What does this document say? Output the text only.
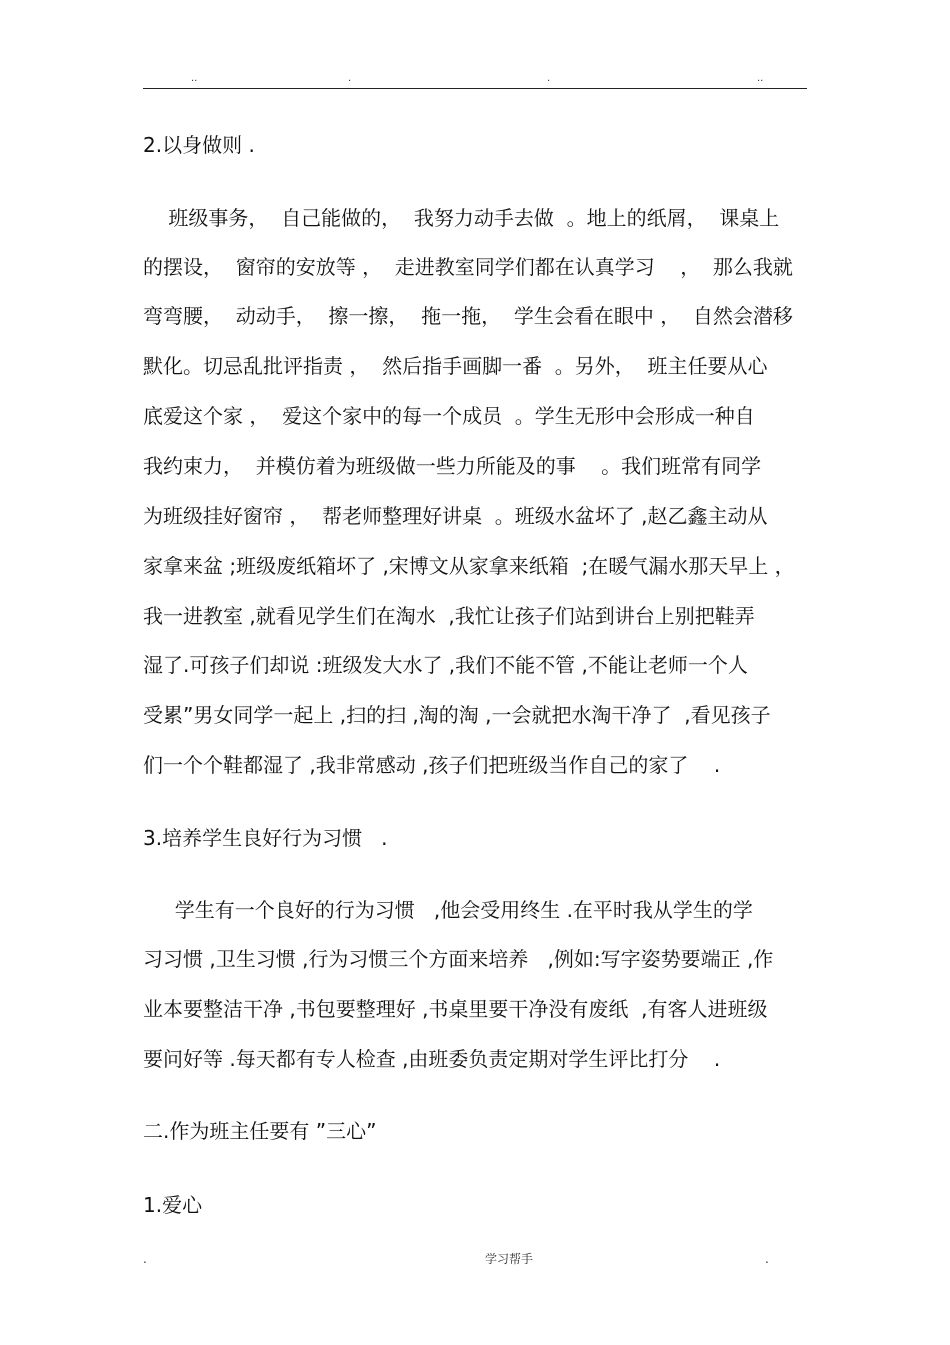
..	.	.	..
2.以身做则 .
班级事务，  自己能做的，  我努力动手去做  。地上的纸屑，  课桌上
的摆设，  窗帘的安放等 ，  走进教室同学们都在认真学习    ，  那么我就
弯弯腰，  动动手，  擦一擦，  拖一拖，  学生会看在眼中 ，  自然会潜移
默化。切忌乱批评指责 ，  然后指手画脚一番  。另外，  班主任要从心
底爱这个家 ，  爱这个家中的每一个成员  。学生无形中会形成一种自
我约束力，  并模仿着为班级做一些力所能及的事    。我们班常有同学
为班级挂好窗帘 ，  帮老师整理好讲桌  。班级水盆坏了 ,赵乙鑫主动从
家拿来盆 ;班级废纸箱坏了 ,宋博文从家拿来纸箱  ;在暖气漏水那天早上 ，
我一进教室 ,就看见学生们在淘水  ,我忙让孩子们站到讲台上别把鞋弄
湿了.可孩子们却说 :班级发大水了 ,我们不能不管 ,不能让老师一个人
受累”男女同学一起上 ,扫的扫 ,淘的淘 ,一会就把水淘干净了  ,看见孩子
们一个个鞋都湿了 ,我非常感动 ,孩子们把班级当作自己的家了    .
3.培养学生良好行为习惯   .
学生有一个良好的行为习惯   ,他会受用终生 .在平时我从学生的学
习习惯 ,卫生习惯 ,行为习惯三个方面来培养   ,例如:写字姿势要端正 ,作
业本要整洁干净 ,书包要整理好 ,书桌里要干净没有废纸  ,有客人进班级
要问好等 .每天都有专人检查 ,由班委负责定期对学生评比打分    .
二.作为班主任要有 ”三心”
1.爱心
.	学习帮手	.
